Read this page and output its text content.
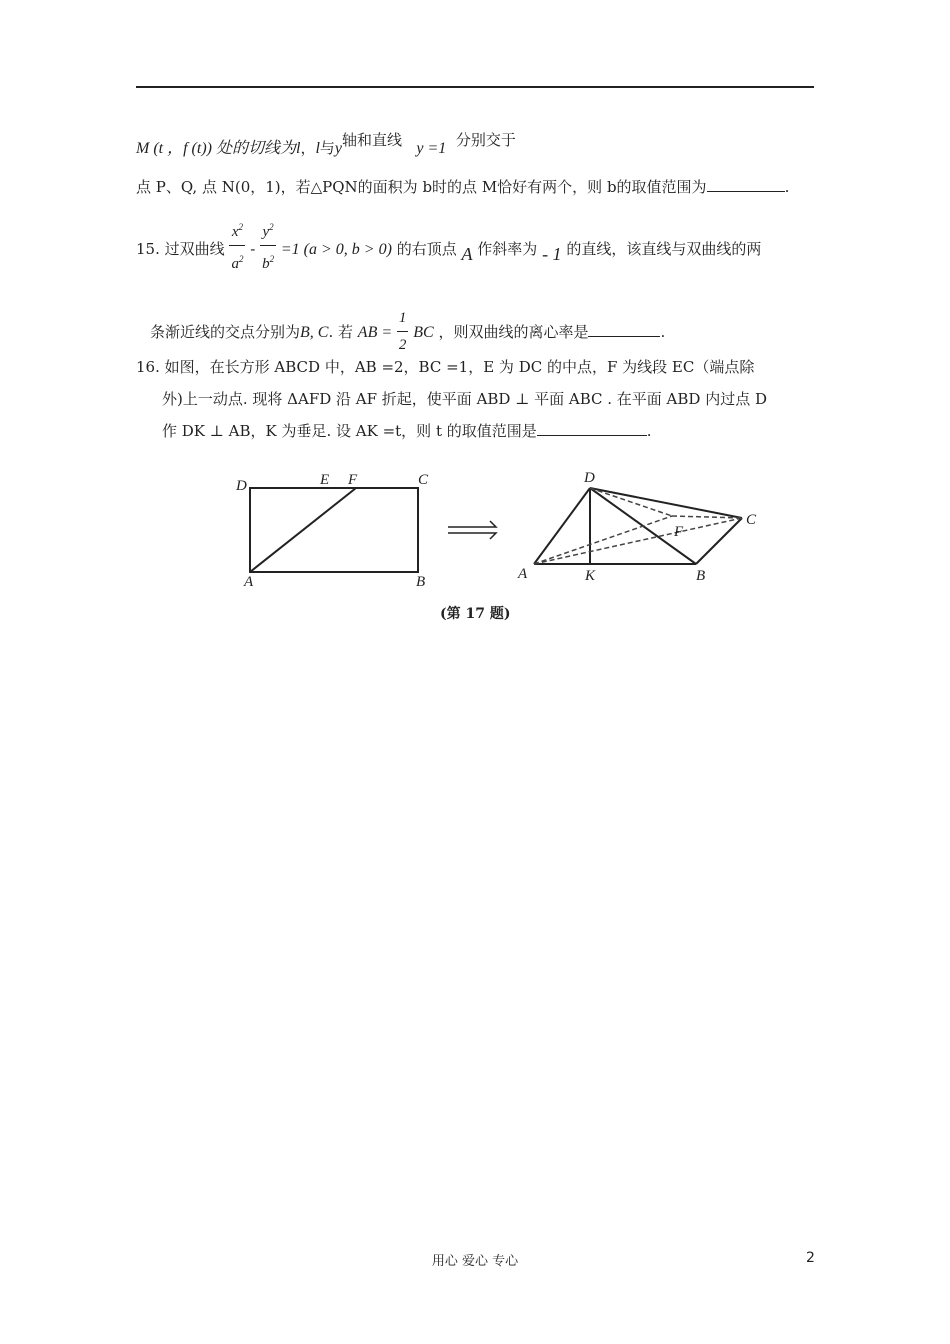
M (t ，f (t)) 处的切线为l，l与y轴和直线 y =1 分别交于
点 P、Q, 点 N(0，1)，若△PQN的面积为 b时的点 M恰好有两个，则 b的取值范围为	.
15. 过双曲线 $\frac{x^2}{a^2} - \frac{y^2}{b^2} =1$ (a > 0, b > 0) 的右顶点 A 作斜率为 - 1 的直线，该直线与双曲线的两
条渐近线的交点分别为B, C. 若 AB = $\frac{1}{2}$ BC ，则双曲线的离心率是	.
16. 如图，在长方形 ABCD 中，AB =2，BC =1，E 为 DC 的中点，F 为线段 EC（端点除
外)上一动点. 现将 ΔAFD 沿 AF 折起，使平面 ABD ⊥ 平面 ABC . 在平面 ABD 内过点 D
作 DK ⊥ AB，K 为垂足. 设 AK =t，则 t 的取值范围是	.
D	E F	C
A	B
D
C
F
A	K	B
(第 17 题)
用心 爱心 专心	2
